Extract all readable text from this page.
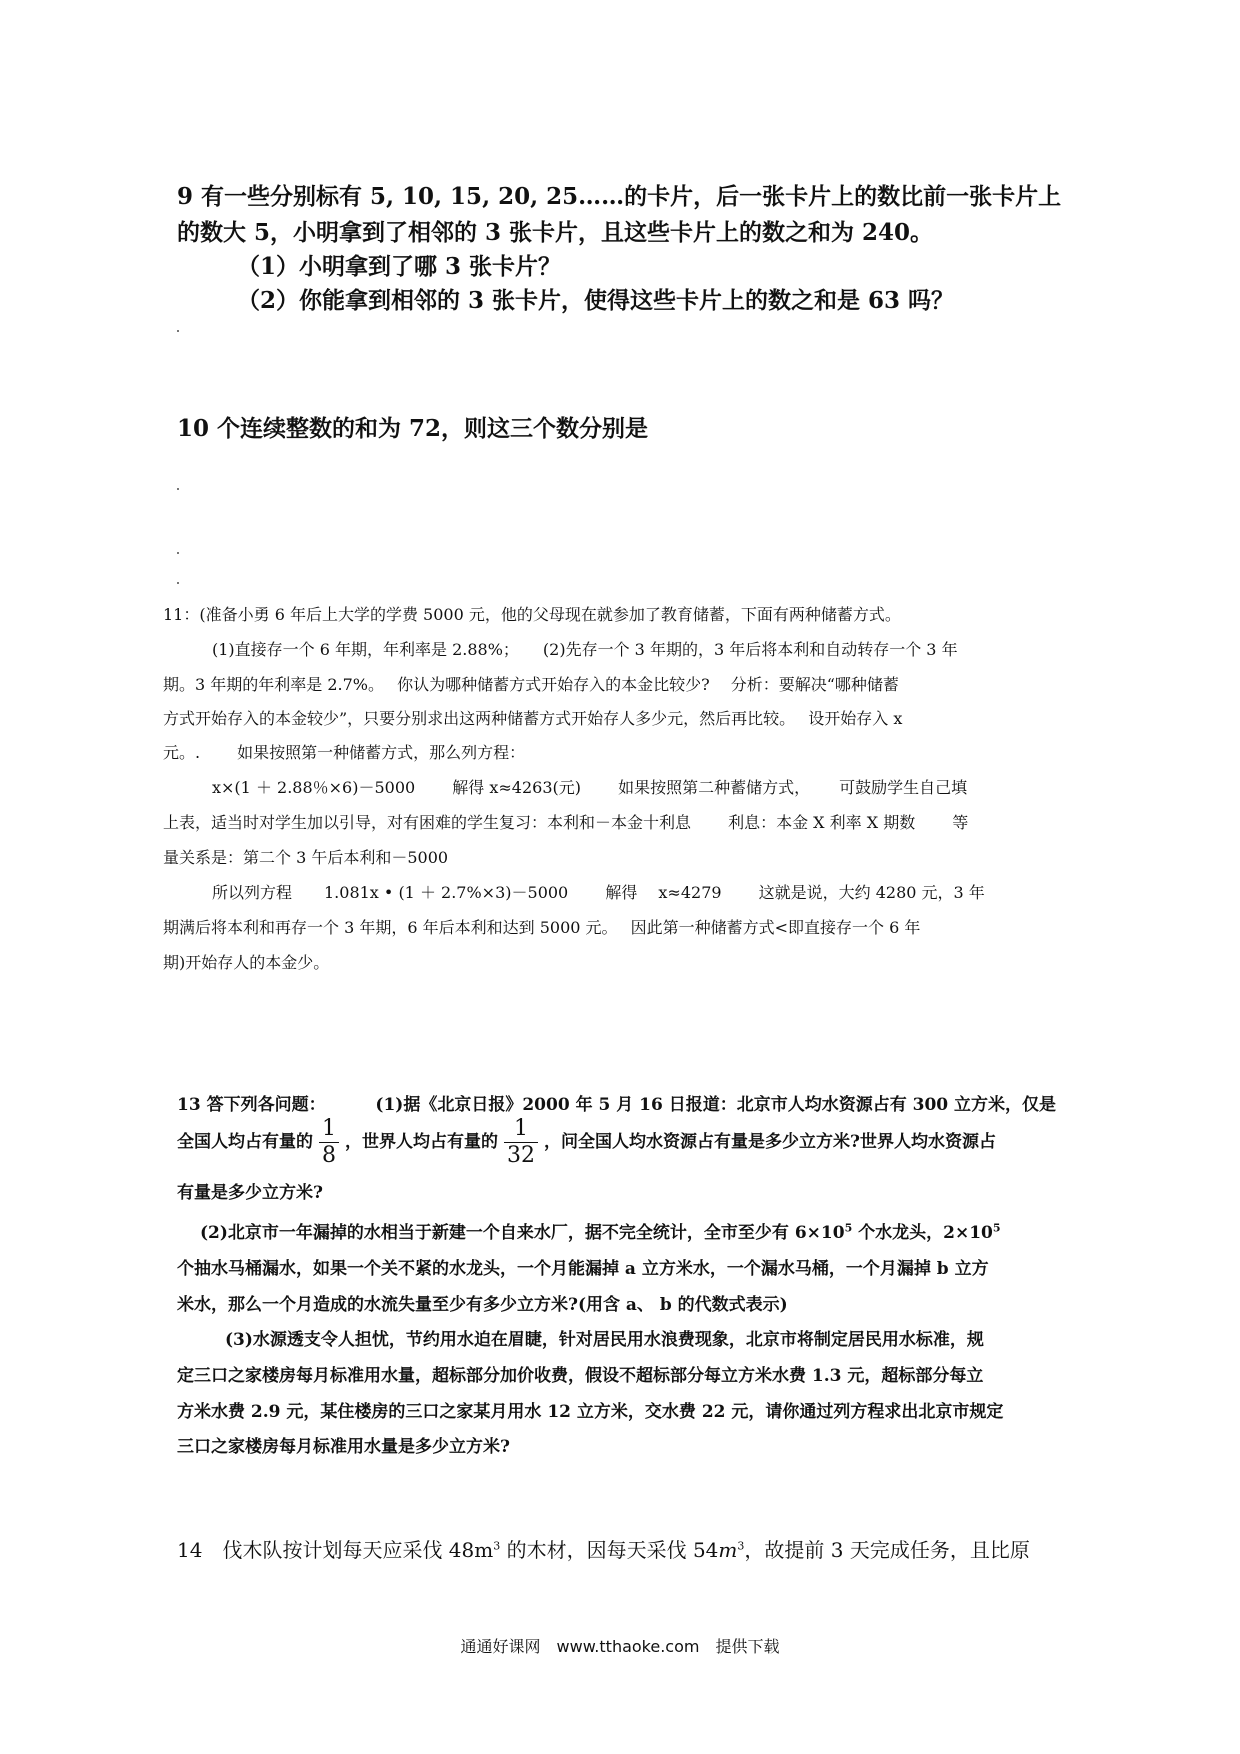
9 有一些分别标有 5, 10, 15, 20, 25……的卡片，后一张卡片上的数比前一张卡片上
的数大 5，小明拿到了相邻的 3 张卡片，且这些卡片上的数之和为 240。
（1）小明拿到了哪 3 张卡片？
（2）你能拿到相邻的 3 张卡片，使得这些卡片上的数之和是 63 吗？
10 个连续整数的和为 72，则这三个数分别是
11：(准备小勇 6 年后上大学的学费 5000 元，他的父母现在就参加了教育储蓄，下面有两种储蓄方式。
(1)直接存一个 6 年期，年利率是 2.88%；　　(2)先存一个 3 年期的，3 年后将本利和自动转存一个 3 年
期。3 年期的年利率是 2.7%。　 你认为哪种储蓄方式开始存入的本金比较少?　 分析：要解决“哪种储蓄
方式开始存入的本金较少”，只要分别求出这两种储蓄方式开始存人多少元，然后再比较。　 设开始存入 x
元。.　　 如果按照第一种储蓄方式，那么列方程：
x×(1 ＋ 2.88％×6)－5000　　 解得 x≈4263(元)　　 如果按照第二种蓄储方式，　　 可鼓励学生自己填
上表，适当时对学生加以引导，对有困难的学生复习：本利和－本金十利息　　 利息：本金 X 利率 X 期数　　 等
量关系是：第二个 3 午后本利和－5000
所以列方程　　1.081x • (1 ＋ 2.7%×3)－5000　　 解得　 x≈4279　　 这就是说，大约 4280 元，3 年
期满后将本利和再存一个 3 年期，6 年后本利和达到 5000 元。　 因此第一种储蓄方式<即直接存一个 6 年
期)开始存人的本金少。
13 答下列各问题：	(1)据《北京日报》2000 年 5 月 16 日报道：北京市人均水资源占有 300 立方米，仅是
全国人均占有量的 $\frac{1}{8}$ ，世界人均占有量的 $\frac{1}{32}$ ，问全国人均水资源占有量是多少立方米?世界人均水资源占
有量是多少立方米?
(2)北京市一年漏掉的水相当于新建一个自来水厂，据不完全统计，全市至少有 $6\times 10^5$ 个水龙头，$2\times 10^5$
个抽水马桶漏水，如果一个关不紧的水龙头，一个月能漏掉 a 立方米水，一个漏水马桶，一个月漏掉 b 立方
米水，那么一个月造成的水流失量至少有多少立方米?(用含 a、 b 的代数式表示)
(3)水源透支令人担忧，节约用水迫在眉睫，针对居民用水浪费现象，北京市将制定居民用水标准，规
定三口之家楼房每月标准用水量，超标部分加价收费，假设不超标部分每立方米水费 1.3 元，超标部分每立
方米水费 2.9 元，某住楼房的三口之家某月用水 12 立方米，交水费 22 元，请你通过列方程求出北京市规定
三口之家楼房每月标准用水量是多少立方米?
14　伐木队按计划每天应采伐 $48m^3$ 的木材，因每天采伐 $54m^3$，故提前 3 天完成任务，且比原
通通好课网　www.tthaoke.com　提供下载
